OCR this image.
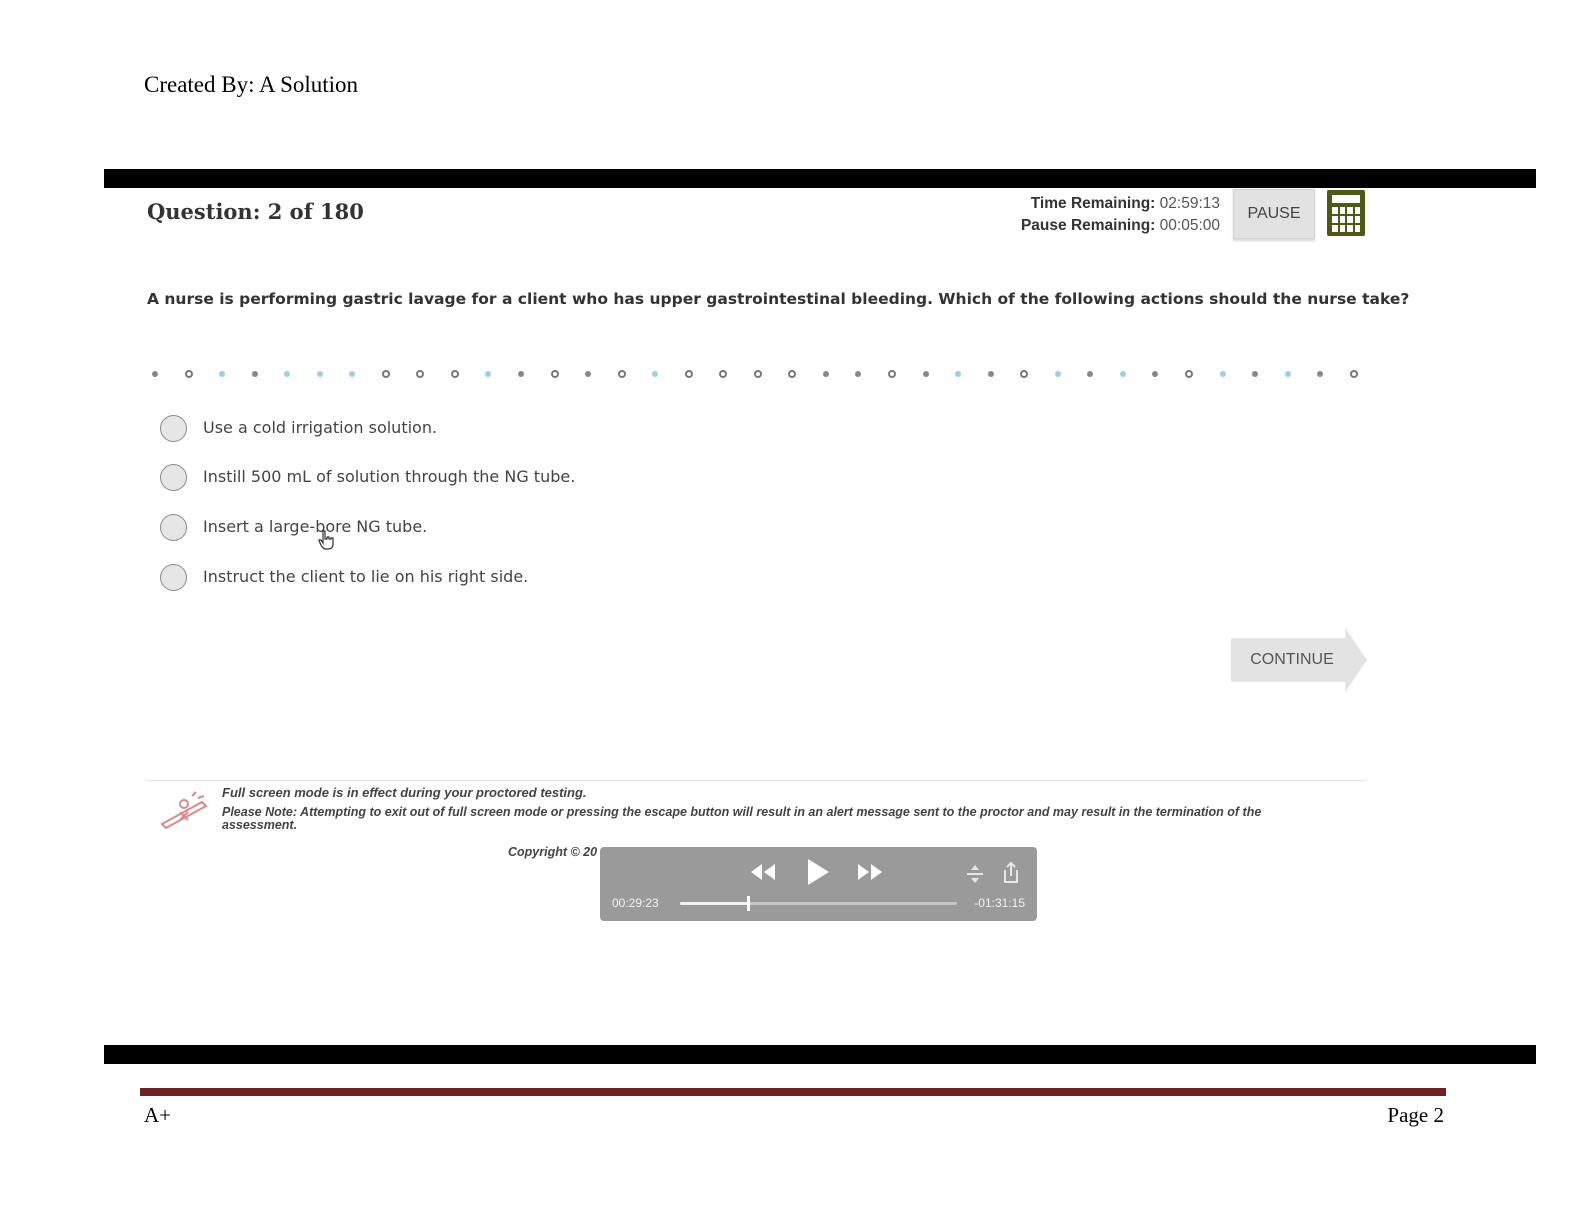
Created By: A Solution
Question: 2 of 180	Time Remaining: 02:59:13
Pause Remaining: 00:05:00
PAUSE
A nurse is performing gastric lavage for a client who has upper gastrointestinal bleeding. Which of the following actions should the nurse take?
Use a cold irrigation solution.
Instill 500 mL of solution through the NG tube.
Insert a large-bore NG tube.
Instruct the client to lie on his right side.
CONTINUE
Full screen mode is in effect during your proctored testing.
Please Note: Attempting to exit out of full screen mode or pressing the escape button will result in an alert message sent to the proctor and may result in the termination of the assessment.
Copyright © 20
00:29:23	-01:31:15
A+	Page 2
